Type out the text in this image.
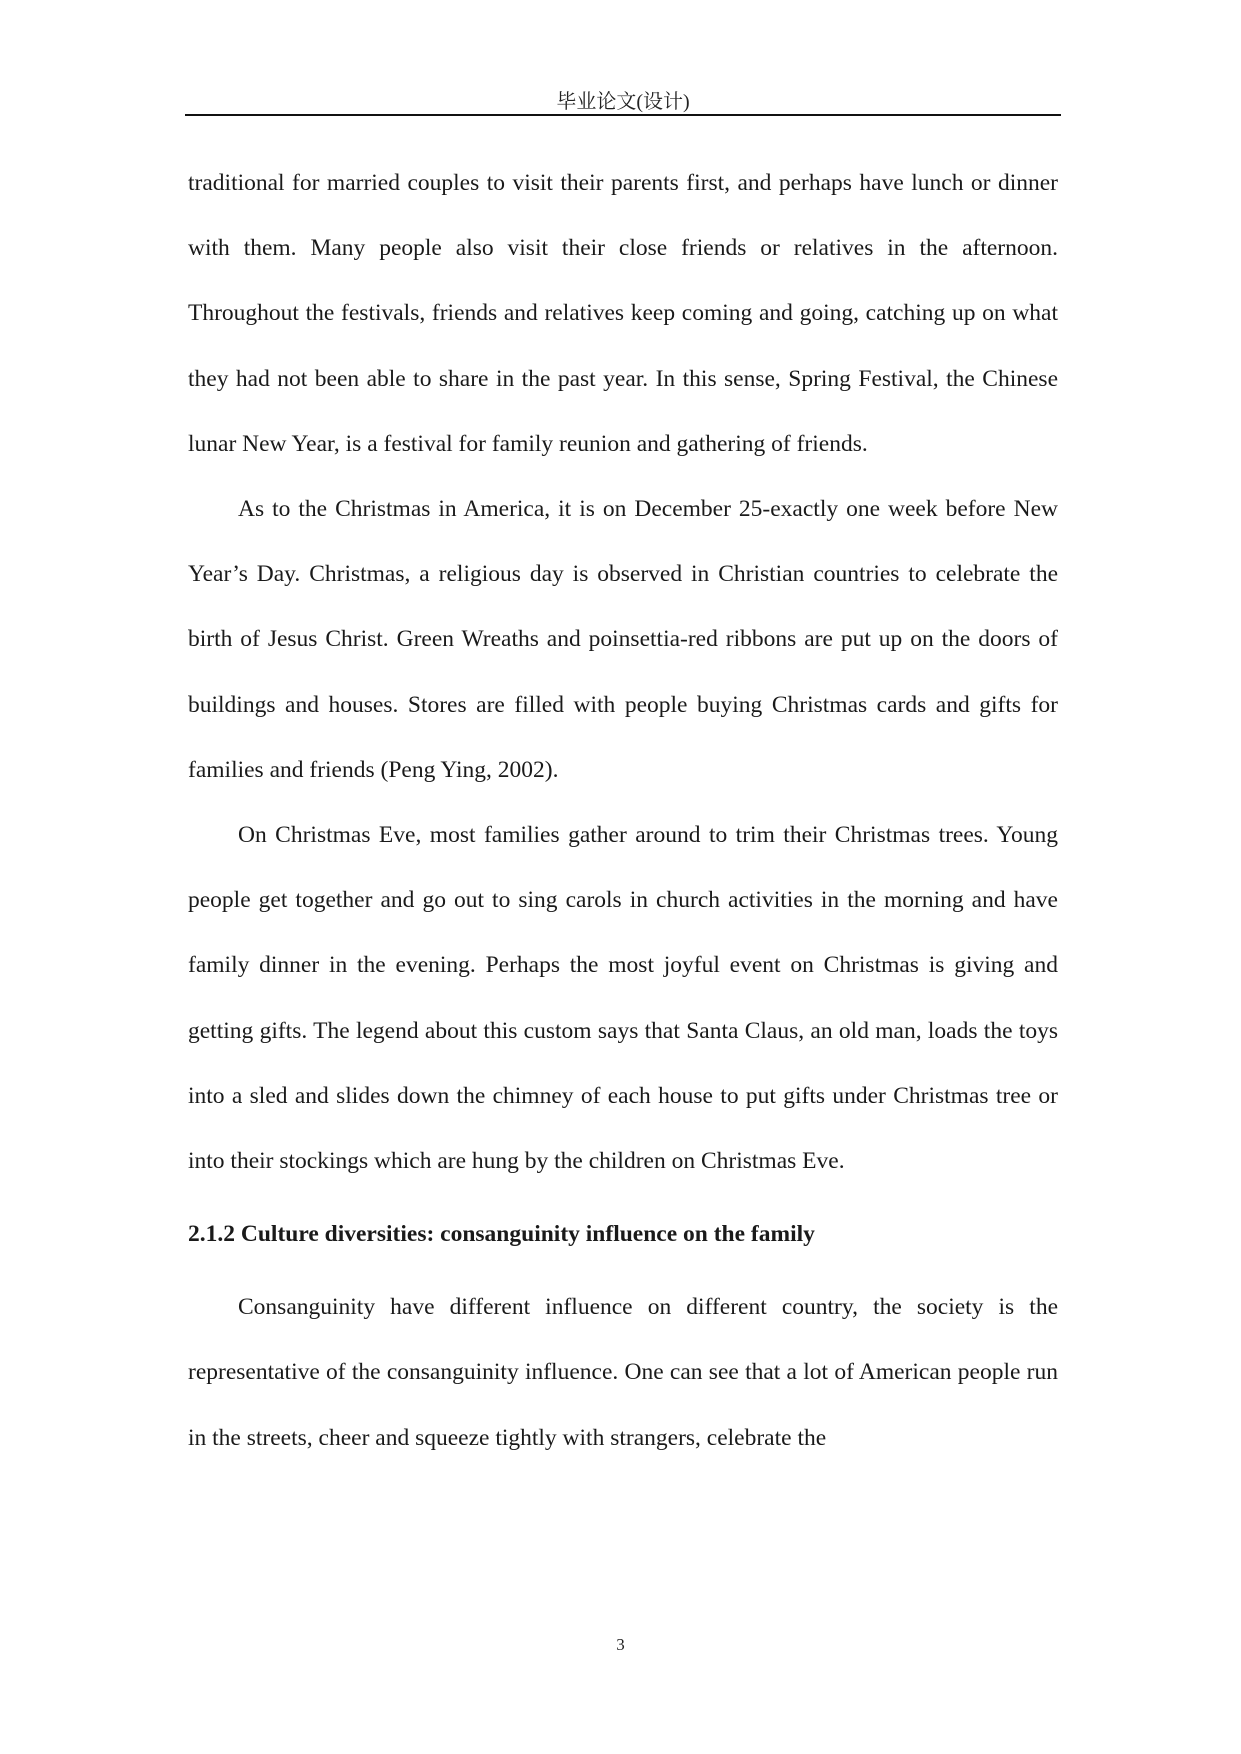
毕业论文(设计)

traditional for married couples to visit their parents first, and perhaps have lunch or dinner with them. Many people also visit their close friends or relatives in the afternoon. Throughout the festivals, friends and relatives keep coming and going, catching up on what they had not been able to share in the past year. In this sense, Spring Festival, the Chinese lunar New Year, is a festival for family reunion and gathering of friends.

As to the Christmas in America, it is on December 25-exactly one week before New Year’s Day. Christmas, a religious day is observed in Christian countries to celebrate the birth of Jesus Christ. Green Wreaths and poinsettia-red ribbons are put up on the doors of buildings and houses. Stores are filled with people buying Christmas cards and gifts for families and friends (Peng Ying, 2002).

On Christmas Eve, most families gather around to trim their Christmas trees. Young people get together and go out to sing carols in church activities in the morning and have family dinner in the evening. Perhaps the most joyful event on Christmas is giving and getting gifts. The legend about this custom says that Santa Claus, an old man, loads the toys into a sled and slides down the chimney of each house to put gifts under Christmas tree or into their stockings which are hung by the children on Christmas Eve.

2.1.2 Culture diversities: consanguinity influence on the family

Consanguinity have different influence on different country, the society is the representative of the consanguinity influence. One can see that a lot of American people run in the streets, cheer and squeeze tightly with strangers, celebrate the

3
